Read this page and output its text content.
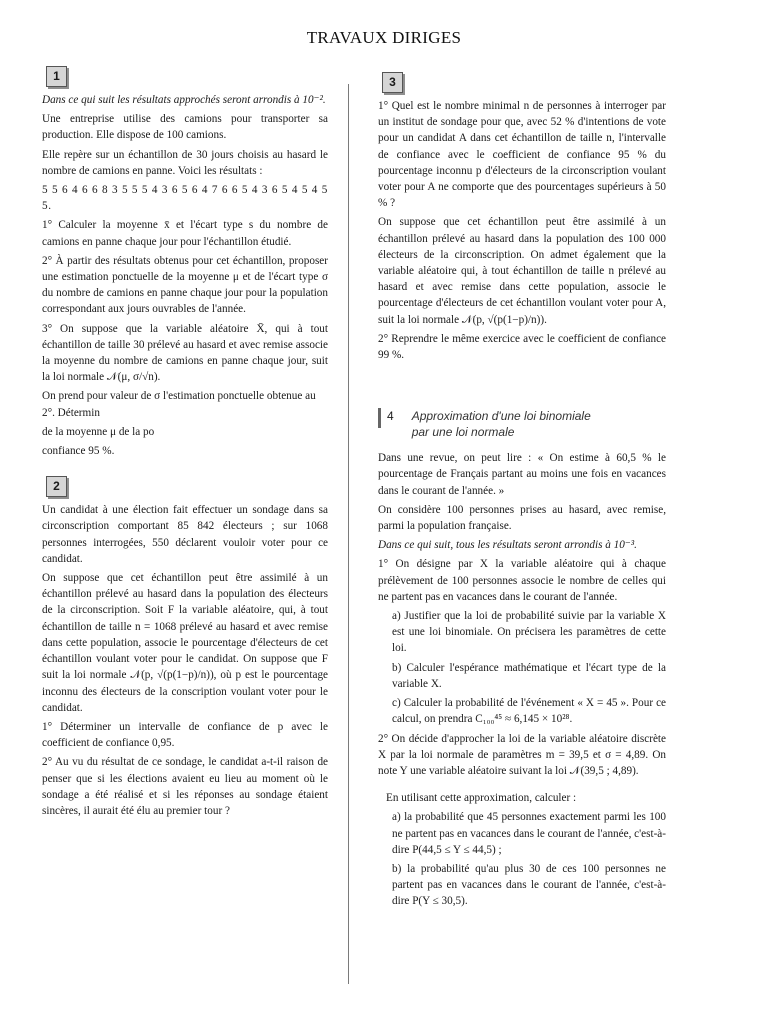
TRAVAUX DIRIGES
1

Dans ce qui suit les résultats approchés seront arrondis à 10⁻².

Une entreprise utilise des camions pour transporter sa production. Elle dispose de 100 camions.

Elle repère sur un échantillon de 30 jours choisis au hasard le nombre de camions en panne. Voici les résultats :

5 5 6 4 6 6 8 3 5 5 5 4 3 6 5 6 4 7 6 6 5 4 3 6 5 4 5 4 5 5.

1° Calculer la moyenne x̄ et l'écart type s du nombre de camions en panne chaque jour pour l'échantillon étudié.

2° À partir des résultats obtenus pour cet échantillon, proposer une estimation ponctuelle de la moyenne μ et de l'écart type σ du nombre de camions en panne chaque jour pour la population correspondant aux jours ouvrables de l'année.

3° On suppose que la variable aléatoire X̄, qui à tout échantillon de taille 30 prélevé au hasard et avec remise associe la moyenne du nombre de camions en panne chaque jour, suit la loi normale 𝒩(μ, σ/√n).

On prend pour valeur de σ l'estimation ponctuelle obtenue au 2°. Détermin

de la moyenne μ de la po

confiance 95 %.

2

Un candidat à une élection fait effectuer un sondage dans sa circonscription comportant 85 842 électeurs ; sur 1068 personnes interrogées, 550 déclarent vouloir voter pour ce candidat.

On suppose que cet échantillon peut être assimilé à un échantillon prélevé au hasard dans la population des électeurs de la circonscription. Soit F la variable aléatoire, qui, à tout échantillon de taille n = 1068 prélevé au hasard et avec remise dans cette population, associe le pourcentage d'électeurs de cet échantillon voulant voter pour le candidat. On suppose que F suit la loi normale 𝒩(p, √(p(1−p)/n)), où p est le pourcentage inconnu des électeurs de la conscription voulant voter pour le candidat.

1° Déterminer un intervalle de confiance de p avec le coefficient de confiance 0,95.

2° Au vu du résultat de ce sondage, le candidat a-t-il raison de penser que si les élections avaient eu lieu au moment où le sondage a été réalisé et si les réponses au sondage étaient sincères, il aurait été élu au premier tour ?

3

1° Quel est le nombre minimal n de personnes à interroger par un institut de sondage pour que, avec 52 % d'intentions de vote pour un candidat A dans cet échantillon de taille n, l'intervalle de confiance avec le coefficient de confiance 95 % du pourcentage inconnu p d'électeurs de la circonscription voulant voter pour A ne comporte que des pourcentages supérieurs à 50 % ?

On suppose que cet échantillon peut être assimilé à un échantillon prélevé au hasard dans la population des 100 000 électeurs de la circonscription. On admet également que la variable aléatoire qui, à tout échantillon de taille n prélevé au hasard et avec remise dans cette population, associe le pourcentage d'électeurs de cet échantillon voulant voter pour A, suit la loi normale 𝒩(p, √(p(1−p)/n)).

2° Reprendre le même exercice avec le coefficient de confiance 99 %.

4 Approximation d'une loi binomiale
par une loi normale

Dans une revue, on peut lire : « On estime à 60,5 % le pourcentage de Français partant au moins une fois en vacances dans le courant de l'année. »

On considère 100 personnes prises au hasard, avec remise, parmi la population française.

Dans ce qui suit, tous les résultats seront arrondis à 10⁻³.

1° On désigne par X la variable aléatoire qui à chaque prélèvement de 100 personnes associe le nombre de celles qui ne partent pas en vacances dans le courant de l'année.

a) Justifier que la loi de probabilité suivie par la variable X est une loi binomiale. On précisera les paramètres de cette loi.

b) Calculer l'espérance mathématique et l'écart type de la variable X.

c) Calculer la probabilité de l'événement « X = 45 ». Pour ce calcul, on prendra C₁₀₀⁴⁵ ≈ 6,145 × 10²⁸.

2° On décide d'approcher la loi de la variable aléatoire discrète X par la loi normale de paramètres m = 39,5 et σ = 4,89. On note Y une variable aléatoire suivant la loi 𝒩(39,5 ; 4,89).

En utilisant cette approximation, calculer :

a) la probabilité que 45 personnes exactement parmi les 100 ne partent pas en vacances dans le courant de l'année, c'est-à-dire P(44,5 ≤ Y ≤ 44,5) ;

b) la probabilité qu'au plus 30 de ces 100 personnes ne partent pas en vacances dans le courant de l'année, c'est-à-dire P(Y ≤ 30,5).
